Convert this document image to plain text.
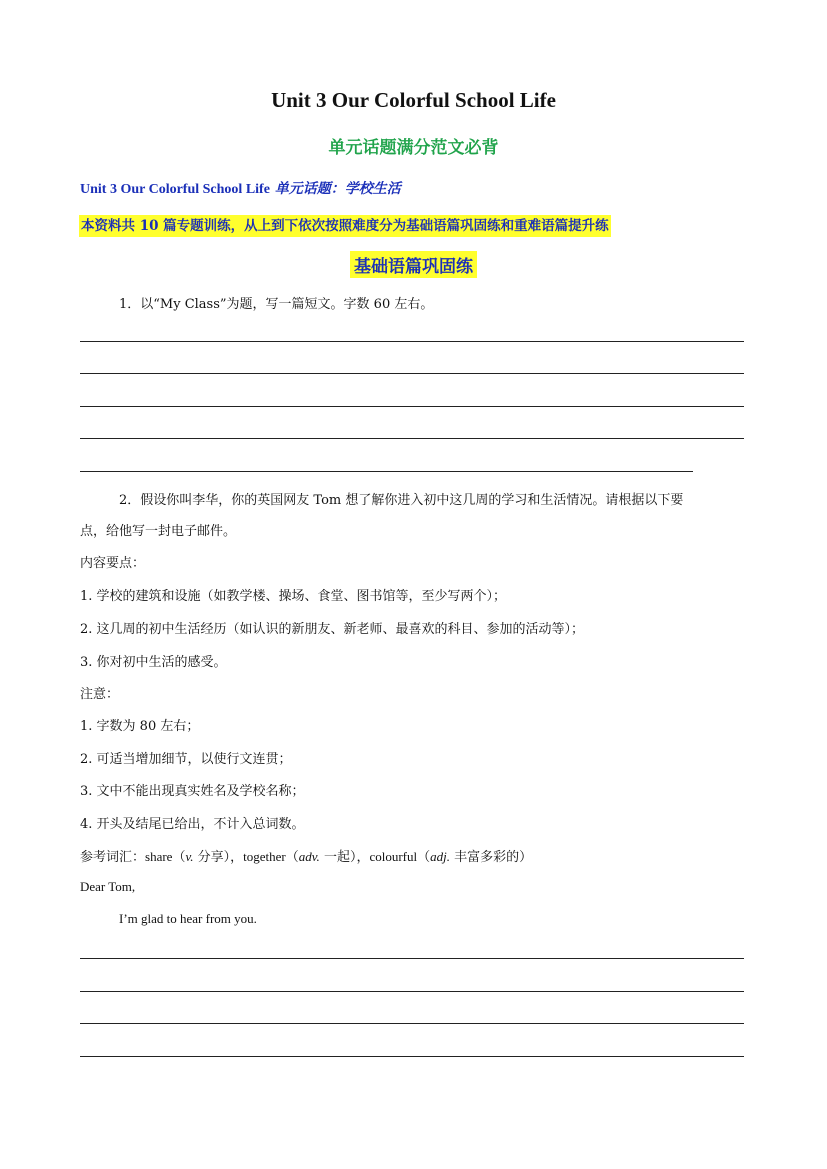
Unit 3 Our Colorful School Life
单元话题满分范文必背
Unit 3 Our Colorful School Life 单元话题：学校生活
本资料共 10 篇专题训练，从上到下依次按照难度分为基础语篇巩固练和重难语篇提升练
基础语篇巩固练
1．以“My Class”为题，写一篇短文。字数 60 左右。
2．假设你叫李华，你的英国网友 Tom 想了解你进入初中这几周的学习和生活情况。请根据以下要
点，给他写一封电子邮件。
内容要点：
1. 学校的建筑和设施（如教学楼、操场、食堂、图书馆等，至少写两个）；
2. 这几周的初中生活经历（如认识的新朋友、新老师、最喜欢的科目、参加的活动等）；
3. 你对初中生活的感受。
注意：
1. 字数为 80 左右；
2. 可适当增加细节，以使行文连贯；
3. 文中不能出现真实姓名及学校名称；
4. 开头及结尾已给出，不计入总词数。
参考词汇：share（v. 分享），together（adv. 一起），colourful（adj. 丰富多彩的）
Dear Tom,
I’m glad to hear from you.
